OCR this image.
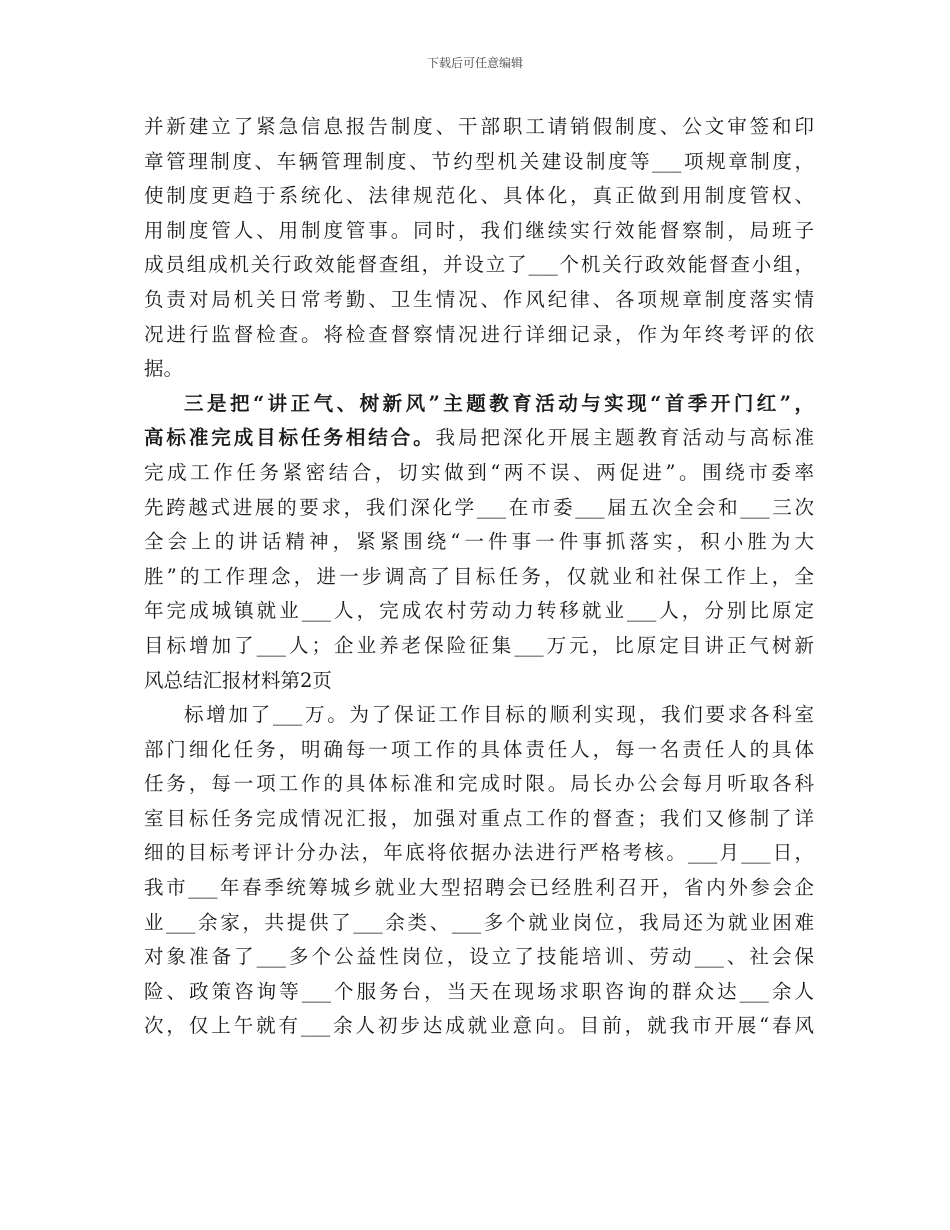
下载后可任意编辑
并新建立了紧急信息报告制度、干部职工请销假制度、公文审签和印
章管理制度、车辆管理制度、节约型机关建设制度等___项规章制度，
使制度更趋于系统化、法律规范化、具体化，真正做到用制度管权、
用制度管人、用制度管事。同时，我们继续实行效能督察制，局班子
成员组成机关行政效能督查组，并设立了___个机关行政效能督查小组，
负责对局机关日常考勤、卫生情况、作风纪律、各项规章制度落实情
况进行监督检查。将检查督察情况进行详细记录，作为年终考评的依
据。
三是把“讲正气、树新风”主题教育活动与实现“首季开门红”，
高标准完成目标任务相结合。我局把深化开展主题教育活动与高标准
完成工作任务紧密结合，切实做到“两不误、两促进”。围绕市委率
先跨越式进展的要求，我们深化学___在市委___届五次全会和___三次
全会上的讲话精神，紧紧围绕“一件事一件事抓落实，积小胜为大
胜”的工作理念，进一步调高了目标任务，仅就业和社保工作上，全
年完成城镇就业___人，完成农村劳动力转移就业___人，分别比原定
目标增加了___人；企业养老保险征集___万元，比原定目讲正气树新
风总结汇报材料第2页
标增加了___万。为了保证工作目标的顺利实现，我们要求各科室
部门细化任务，明确每一项工作的具体责任人，每一名责任人的具体
任务，每一项工作的具体标准和完成时限。局长办公会每月听取各科
室目标任务完成情况汇报，加强对重点工作的督查；我们又修制了详
细的目标考评计分办法，年底将依据办法进行严格考核。___月___日，
我市___年春季统筹城乡就业大型招聘会已经胜利召开，省内外参会企
业___余家，共提供了___余类、___多个就业岗位，我局还为就业困难
对象准备了___多个公益性岗位，设立了技能培训、劳动___、社会保
险、政策咨询等___个服务台，当天在现场求职咨询的群众达___余人
次，仅上午就有___余人初步达成就业意向。目前，就我市开展“春风
